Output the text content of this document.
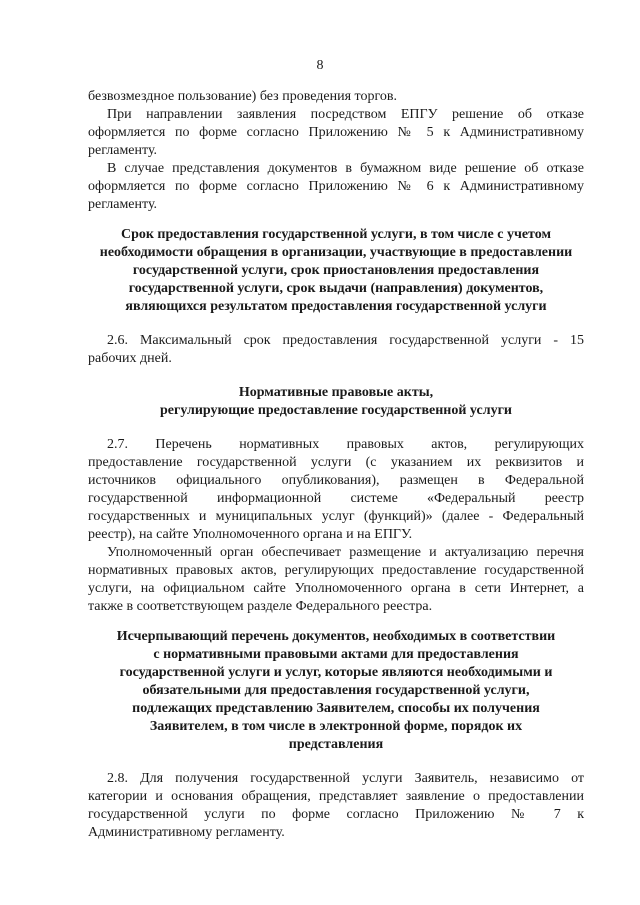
8
безвозмездное пользование) без проведения торгов.
При направлении заявления посредством ЕПГУ решение об отказе
оформляется по форме согласно Приложению № 5 к Административному
регламенту.
В случае представления документов в бумажном виде решение об отказе
оформляется по форме согласно Приложению № 6 к Административному
регламенту.
Срок предоставления государственной услуги, в том числе с учетом
необходимости обращения в организации, участвующие в предоставлении
государственной услуги, срок приостановления предоставления
государственной услуги, срок выдачи (направления) документов,
являющихся результатом предоставления государственной услуги
2.6. Максимальный срок предоставления государственной услуги - 15
рабочих дней.
Нормативные правовые акты,
регулирующие предоставление государственной услуги
2.7. Перечень нормативных правовых актов, регулирующих
предоставление государственной услуги (с указанием их реквизитов и
источников официального опубликования), размещен в Федеральной
государственной информационной системе «Федеральный реестр
государственных и муниципальных услуг (функций)» (далее - Федеральный
реестр), на сайте Уполномоченного органа и на ЕПГУ.
Уполномоченный орган обеспечивает размещение и актуализацию перечня
нормативных правовых актов, регулирующих предоставление государственной
услуги, на официальном сайте Уполномоченного органа в сети Интернет, а
также в соответствующем разделе Федерального реестра.
Исчерпывающий перечень документов, необходимых в соответствии
с нормативными правовыми актами для предоставления
государственной услуги и услуг, которые являются необходимыми и
обязательными для предоставления государственной услуги,
подлежащих представлению Заявителем, способы их получения
Заявителем, в том числе в электронной форме, порядок их
представления
2.8. Для получения государственной услуги Заявитель, независимо от
категории и основания обращения, представляет заявление о предоставлении
государственной услуги по форме согласно Приложению № 7 к
Административному регламенту.
